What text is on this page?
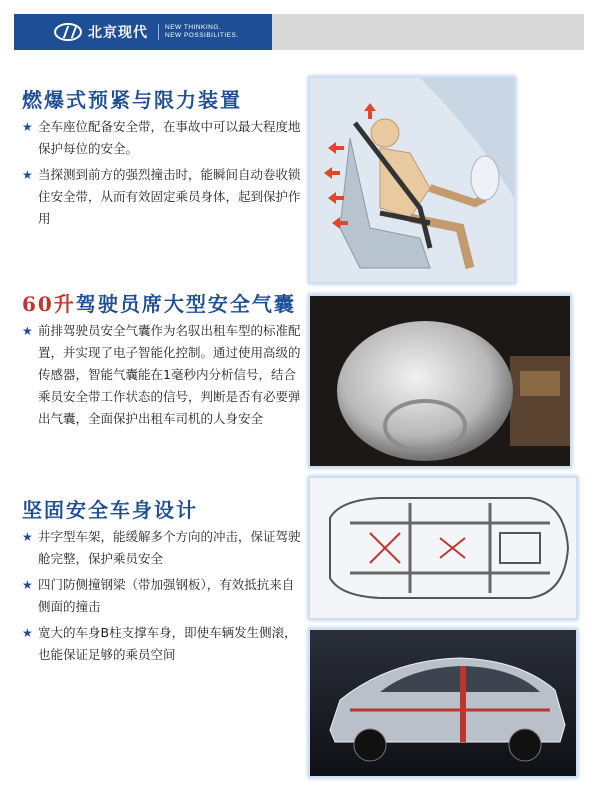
北京现代	NEW THINKING.
NEW POSSIBILITIES.
燃爆式预紧与限力装置
★ 全车座位配备安全带，在事故中可以最大程度地保护每位的安全。
★ 当探测到前方的强烈撞击时，能瞬间自动卷收锁住安全带，从而有效固定乘员身体，起到保护作用
60升驾驶员席大型安全气囊
★ 前排驾驶员安全气囊作为名驭出租车型的标准配置，并实现了电子智能化控制。通过使用高级的传感器，智能气囊能在1毫秒内分析信号，结合乘员安全带工作状态的信号，判断是否有必要弹出气囊，全面保护出租车司机的人身安全
坚固安全车身设计
★ 井字型车架，能缓解多个方向的冲击，保证驾驶舱完整，保护乘员安全
★ 四门防侧撞钢梁（带加强钢板），有效抵抗来自侧面的撞击
★ 宽大的车身B柱支撑车身，即使车辆发生侧滚，也能保证足够的乘员空间
